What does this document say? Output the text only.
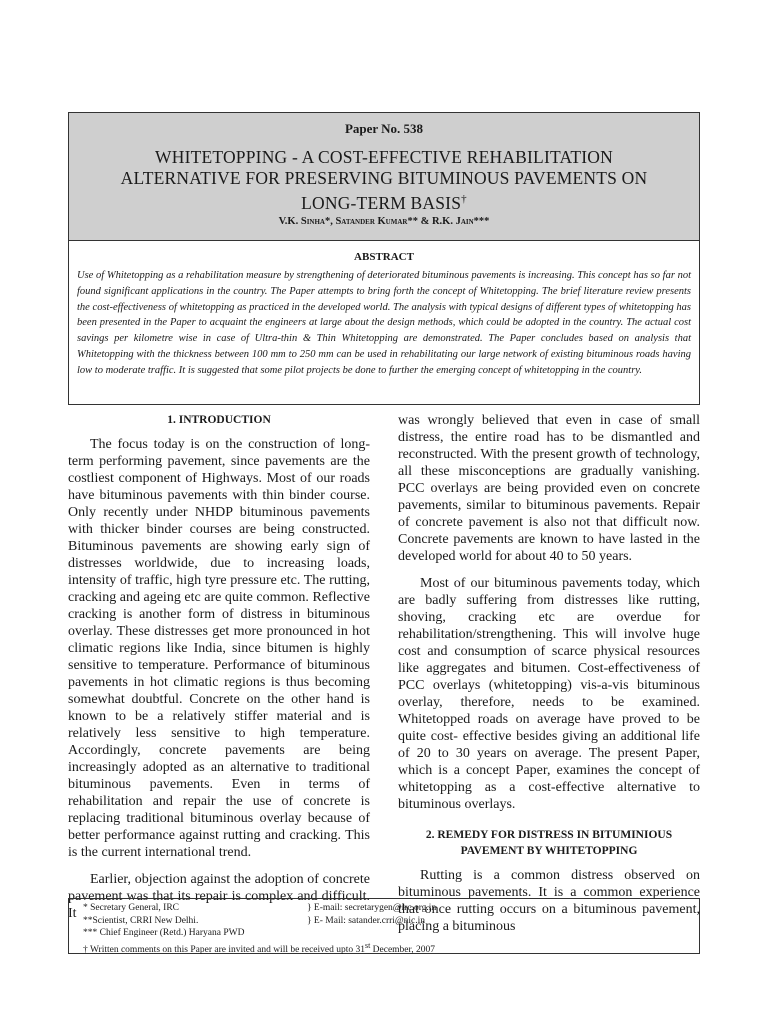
Paper No. 538
WHITETOPPING - A COST-EFFECTIVE REHABILITATION
ALTERNATIVE FOR PRESERVING BITUMINOUS PAVEMENTS ON
LONG-TERM BASIS†
V.K. Sinha*, Satander Kumar** & R.K. Jain***
ABSTRACT
Use of Whitetopping as a rehabilitation measure by strengthening of deteriorated bituminous pavements is increasing. This concept has so far not found significant applications in the country. The Paper attempts to bring forth the concept of Whitetopping. The brief literature review presents the cost-effectiveness of whitetopping as practiced in the developed world. The analysis with typical designs of different types of whitetopping has been presented in the Paper to acquaint the engineers at large about the design methods, which could be adopted in the country. The actual cost savings per kilometre wise in case of Ultra-thin & Thin Whitetopping are demonstrated. The Paper concludes based on analysis that Whitetopping with the thickness between 100 mm to 250 mm can be used in rehabilitating our large network of existing bituminous roads having low to moderate traffic. It is suggested that some pilot projects be done to further the emerging concept of whitetopping in the country.
1. INTRODUCTION

The focus today is on the construction of long-term performing pavement, since pavements are the costliest component of Highways. Most of our roads have bituminous pavements with thin binder course. Only recently under NHDP bituminous pavements with thicker binder courses are being constructed. Bituminous pavements are showing early sign of distresses worldwide, due to increasing loads, intensity of traffic, high tyre pressure etc. The rutting, cracking and ageing etc are quite common. Reflective cracking is another form of distress in bituminous overlay. These distresses get more pronounced in hot climatic regions like India, since bitumen is highly sensitive to temperature. Performance of bituminous pavements in hot climatic regions is thus becoming somewhat doubtful. Concrete on the other hand is known to be a relatively stiffer material and is relatively less sensitive to high temperature. Accordingly, concrete pavements are being increasingly adopted as an alternative to traditional bituminous pavements. Even in terms of rehabilitation and repair the use of concrete is replacing traditional bituminous overlay because of better performance against rutting and cracking. This is the current international trend.

Earlier, objection against the adoption of concrete pavement was that its repair is complex and difficult. It

was wrongly believed that even in case of small distress, the entire road has to be dismantled and reconstructed. With the present growth of technology, all these misconceptions are gradually vanishing. PCC overlays are being provided even on concrete pavements, similar to bituminous pavements. Repair of concrete pavement is also not that difficult now. Concrete pavements are known to have lasted in the developed world for about 40 to 50 years.

Most of our bituminous pavements today, which are badly suffering from distresses like rutting, shoving, cracking etc are overdue for rehabilitation/strengthening. This will involve huge cost and consumption of scarce physical resources like aggregates and bitumen. Cost-effectiveness of PCC overlays (whitetopping) vis-a-vis bituminous overlay, therefore, needs to be examined. Whitetopped roads on average have proved to be quite cost- effective besides giving an additional life of 20 to 30 years on average. The present Paper, which is a concept Paper, examines the concept of whitetopping as a cost-effective alternative to bituminous overlays.

2. REMEDY FOR DISTRESS IN BITUMINIOUS
PAVEMENT BY WHITETOPPING

Rutting is a common distress observed on bituminous pavements. It is a common experience that once rutting occurs on a bituminous pavement, placing a bituminous

* Secretary General, IRC	} E-mail: secretarygen@irc.org.in
**Scientist, CRRI New Delhi.	} E- Mail: satander.crri@nic.in
*** Chief Engineer (Retd.) Haryana PWD
† Written comments on this Paper are invited and will be received upto 31st December, 2007
